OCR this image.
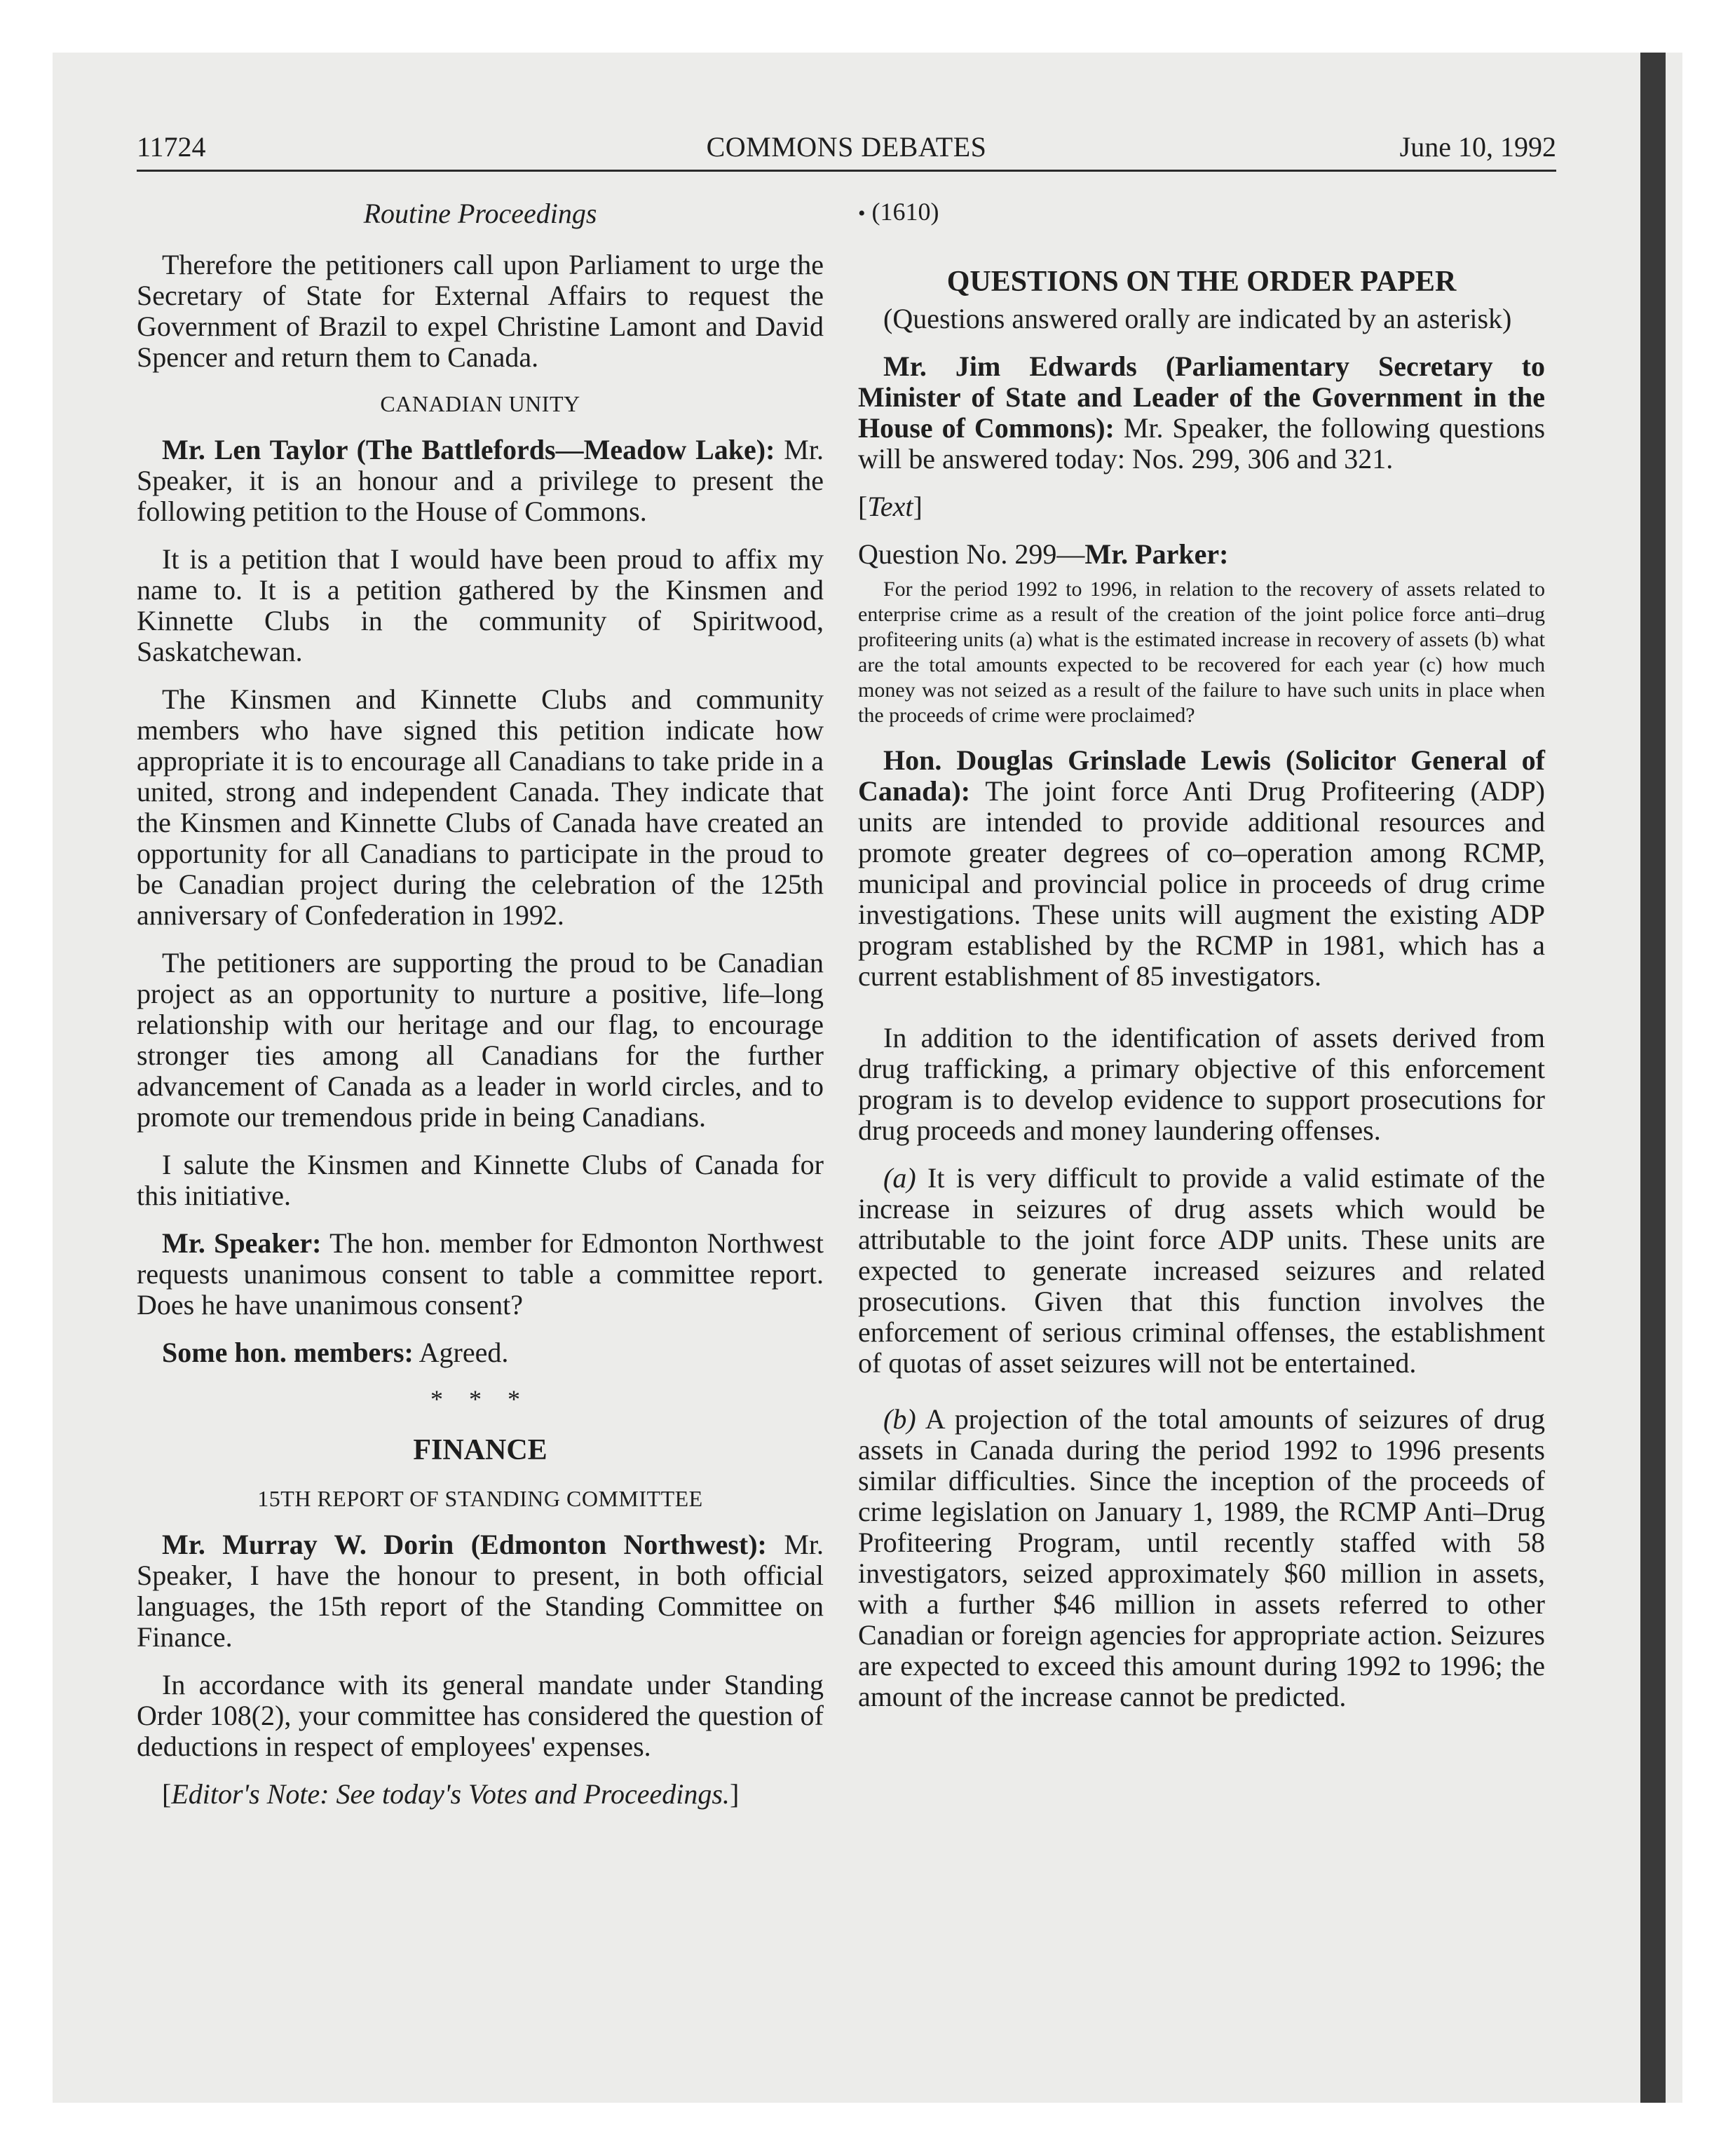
11724	COMMONS DEBATES	June 10, 1992
Routine Proceedings

Therefore the petitioners call upon Parliament to urge the Secretary of State for External Affairs to request the Government of Brazil to expel Christine Lamont and David Spencer and return them to Canada.

CANADIAN UNITY

Mr. Len Taylor (The Battlefords—Meadow Lake): Mr. Speaker, it is an honour and a privilege to present the following petition to the House of Commons.

It is a petition that I would have been proud to affix my name to. It is a petition gathered by the Kinsmen and Kinnette Clubs in the community of Spiritwood, Saskatchewan.

The Kinsmen and Kinnette Clubs and community members who have signed this petition indicate how appropriate it is to encourage all Canadians to take pride in a united, strong and independent Canada. They indicate that the Kinsmen and Kinnette Clubs of Canada have created an opportunity for all Canadians to participate in the proud to be Canadian project during the celebration of the 125th anniversary of Confederation in 1992.

The petitioners are supporting the proud to be Canadian project as an opportunity to nurture a positive, life–long relationship with our heritage and our flag, to encourage stronger ties among all Canadians for the further advancement of Canada as a leader in world circles, and to promote our tremendous pride in being Canadians.

I salute the Kinsmen and Kinnette Clubs of Canada for this initiative.

Mr. Speaker: The hon. member for Edmonton Northwest requests unanimous consent to table a committee report. Does he have unanimous consent?

Some hon. members: Agreed.

* * *
FINANCE
15TH REPORT OF STANDING COMMITTEE

Mr. Murray W. Dorin (Edmonton Northwest): Mr. Speaker, I have the honour to present, in both official languages, the 15th report of the Standing Committee on Finance.

In accordance with its general mandate under Standing Order 108(2), your committee has considered the question of deductions in respect of employees' expenses.

[Editor's Note: See today's Votes and Proceedings.]

• (1610)
QUESTIONS ON THE ORDER PAPER

(Questions answered orally are indicated by an asterisk)

Mr. Jim Edwards (Parliamentary Secretary to Minister of State and Leader of the Government in the House of Commons): Mr. Speaker, the following questions will be answered today: Nos. 299, 306 and 321.

[Text]

Question No. 299—Mr. Parker:

For the period 1992 to 1996, in relation to the recovery of assets related to enterprise crime as a result of the creation of the joint police force anti–drug profiteering units (a) what is the estimated increase in recovery of assets (b) what are the total amounts expected to be recovered for each year (c) how much money was not seized as a result of the failure to have such units in place when the proceeds of crime were proclaimed?

Hon. Douglas Grinslade Lewis (Solicitor General of Canada): The joint force Anti Drug Profiteering (ADP) units are intended to provide additional resources and promote greater degrees of co–operation among RCMP, municipal and provincial police in proceeds of drug crime investigations. These units will augment the existing ADP program established by the RCMP in 1981, which has a current establishment of 85 investigators.

In addition to the identification of assets derived from drug trafficking, a primary objective of this enforcement program is to develop evidence to support prosecutions for drug proceeds and money laundering offenses.

(a) It is very difficult to provide a valid estimate of the increase in seizures of drug assets which would be attributable to the joint force ADP units. These units are expected to generate increased seizures and related prosecutions. Given that this function involves the enforcement of serious criminal offenses, the establishment of quotas of asset seizures will not be entertained.

(b) A projection of the total amounts of seizures of drug assets in Canada during the period 1992 to 1996 presents similar difficulties. Since the inception of the proceeds of crime legislation on January 1, 1989, the RCMP Anti–Drug Profiteering Program, until recently staffed with 58 investigators, seized approximately $60 million in assets, with a further $46 million in assets referred to other Canadian or foreign agencies for appropriate action. Seizures are expected to exceed this amount during 1992 to 1996; the amount of the increase cannot be predicted.
